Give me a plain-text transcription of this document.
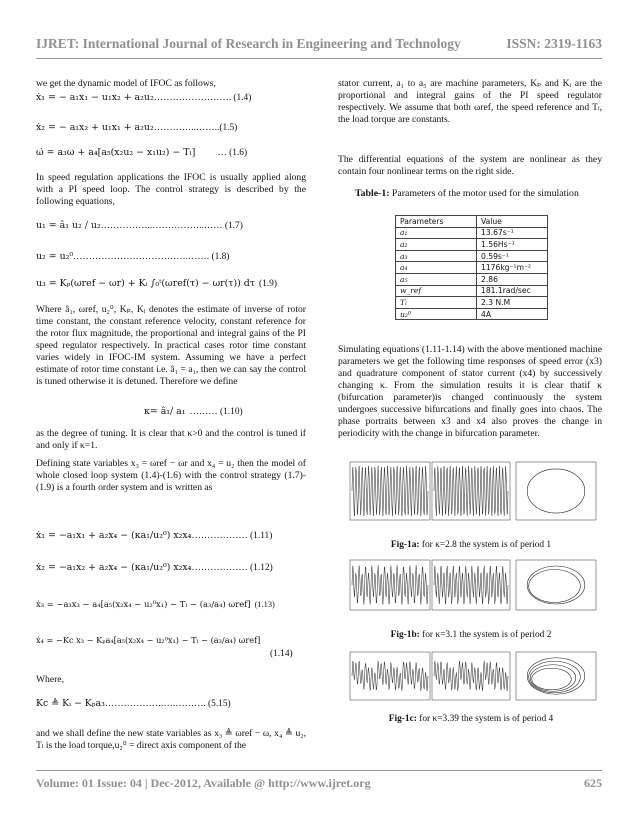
IJRET: International Journal of Research in Engineering and Technology	ISSN: 2319-1163

we get the dynamic model of IFOC as follows,

ẋ₁ = − a₁x₁ − u₁x₂ + a₂u₂……………………. (1.4)
ẋ₂ = − a₁x₂ + u₁x₁ + a₂u₂…………..……..(1.5)
ω̇ = a₃ω + a₄[a₅(x₂u₂ − x₁u₂) − Tₗ] … (1.6)

In speed regulation applications the IFOC is usually applied along with a PI speed loop. The control strategy is described by the following equations,

u₁ = â₁ u₂ / u₂……………..……………..…… (1.7)
u₂ = u₂⁰……………………………….……. (1.8)
u₃ = Kₚ(ωref − ωr) + Kᵢ ∫₀ᵗ(ωref(τ) − ωr(τ)) dτ (1.9)

Where â₁, ωref, u₂⁰, Kₚ, Kᵢ denotes the estimate of inverse of rotor time constant, the constant reference velocity, constant reference for the rotor flux magnitude, the proportional and integral gains of the PI speed regulator respectively. In practical cases rotor time constant varies widely in IFOC-IM system. Assuming we have a perfect estimate of rotor time constant i.e. â₁ = a₁, then we can say the control is tuned otherwise it is detuned. Therefore we define

κ= â₁/ a₁ ……… (1.10)

as the degree of tuning. It is clear that κ>0 and the control is tuned if and only if κ=1.

Defining state variables x₃ = ωref − ωr and x₄ = u₂ then the model of whole closed loop system (1.4)-(1.6) with the control strategy (1.7)-(1.9) is a fourth order system and is written as

ẋ₁ = −a₁x₁ + a₂x₄ − (κa₁/u₂⁰) x₂x₄……………… (1.11)
ẋ₂ = −a₁x₂ + a₂x₄ − (κa₁/u₂⁰) x₂x₄……………… (1.12)
ẋ₃ = −a₃x₃ − a₄[a₅(x₂x₄ − u₂⁰x₁) − Tₗ − (a₃/a₄) ωref] (1.13)
ẋ₄ = −Kc x₃ − Kₚa₄[a₅(x₂x₄ − u₂⁰x₁) − Tₗ − (a₃/a₄) ωref]
(1.14)

Where,

Kc ≜ Kᵢ − Kₚa₃……………….….………. (5.15)

and we shall define the new state variables as x₃ ≜ ωref − ω, x₄ ≜ u₂, Tₗ is the load torque,u₂⁰ = direct axis component of the

stator current, a₁ to a₅ are machine parameters, Kₚ and Kᵢ are the proportional and integral gains of the PI speed regulator respectively. We assume that both ωref, the speed reference and Tₗ, the load torque are constants.

The differential equations of the system are nonlinear as they contain four nonlinear terms on the right side.

Table-1: Parameters of the motor used for the simulation
Parameters	Value
a₁	13.67s⁻¹
a₂	1.56Hs⁻¹
a₃	0.59s⁻¹
a₄	1176kg⁻¹m⁻²
a₅	2.86
w_ref	181.1rad/sec
Tₗ	2.3 N.M
u₂⁰	4A

Simulating equations (1.11-1.14) with the above mentioned machine parameters we get the following time responses of speed error (x3) and quadrature component of stator current (x4) by successively changing κ. From the simulation results it is clear thatif κ (bifurcation parameter)is changed continuously the system undergoes successive bifurcations and finally goes into chaos. The phase portraits between x3 and x4 also proves the change in periodicity with the change in bifurcation parameter.

Fig-1a: for κ=2.8 the system is of period 1
Fig-1b: for κ=3.1 the system is of period 2
Fig-1c: for κ=3.39 the system is of period 4
Volume: 01 Issue: 04 | Dec-2012, Available @ http://www.ijret.org	625
